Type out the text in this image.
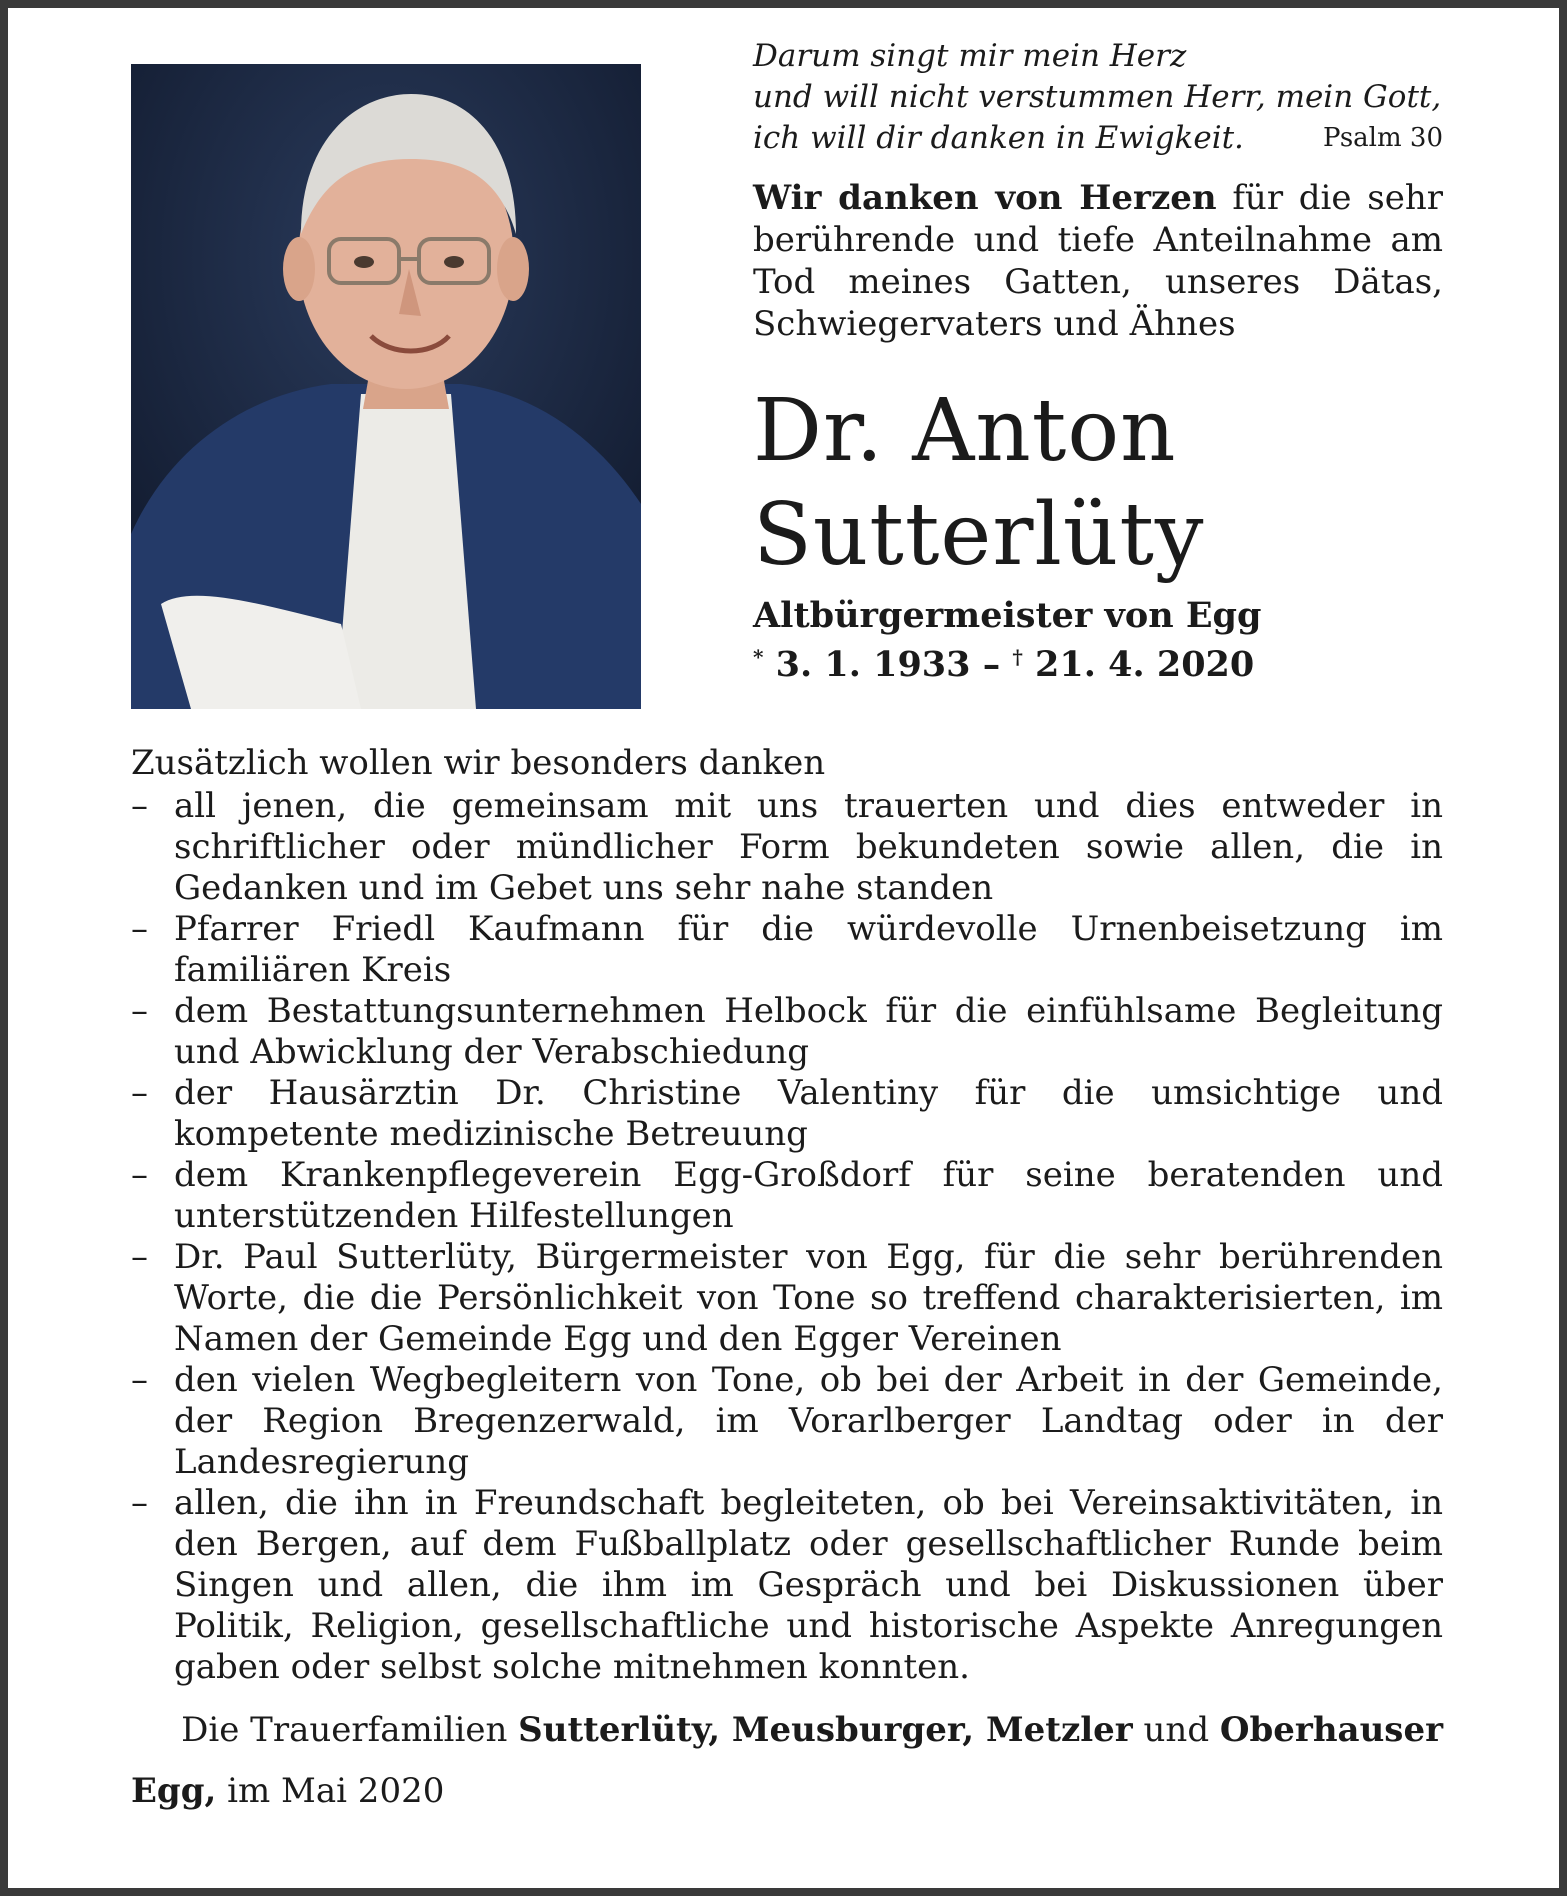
Darum singt mir mein Herz
und will nicht verstummen Herr, mein Gott,
ich will dir danken in Ewigkeit.	Psalm 30
Wir danken von Herzen für die sehr berührende und tiefe Anteilnahme am Tod meines Gatten, unseres Dätas, Schwiegervaters und Ähnes
Dr. Anton
Sutterlüty
Altbürgermeister von Egg
* 3. 1. 1933 – † 21. 4. 2020
Zusätzlich wollen wir besonders danken
– all jenen, die gemeinsam mit uns trauerten und dies entweder in schriftlicher oder mündlicher Form bekundeten sowie allen, die in Gedanken und im Gebet uns sehr nahe standen
– Pfarrer Friedl Kaufmann für die würdevolle Urnenbeisetzung im familiären Kreis
– dem Bestattungsunternehmen Helbock für die einfühlsame Begleitung und Abwicklung der Verabschiedung
– der Hausärztin Dr. Christine Valentiny für die umsichtige und kompetente medizinische Betreuung
– dem Krankenpflegeverein Egg-Großdorf für seine beratenden und unterstützenden Hilfestellungen
– Dr. Paul Sutterlüty, Bürgermeister von Egg, für die sehr berührenden Worte, die die Persönlichkeit von Tone so treffend charakterisierten, im Namen der Gemeinde Egg und den Egger Vereinen
– den vielen Wegbegleitern von Tone, ob bei der Arbeit in der Gemeinde, der Region Bregenzerwald, im Vorarlberger Landtag oder in der Landesregierung
– allen, die ihn in Freundschaft begleiteten, ob bei Vereinsaktivitäten, in den Bergen, auf dem Fußballplatz oder gesellschaftlicher Runde beim Singen und allen, die ihm im Gespräch und bei Diskussionen über Politik, Religion, gesellschaftliche und historische Aspekte Anregungen gaben oder selbst solche mitnehmen konnten.
Die Trauerfamilien Sutterlüty, Meusburger, Metzler und Oberhauser
Egg, im Mai 2020
